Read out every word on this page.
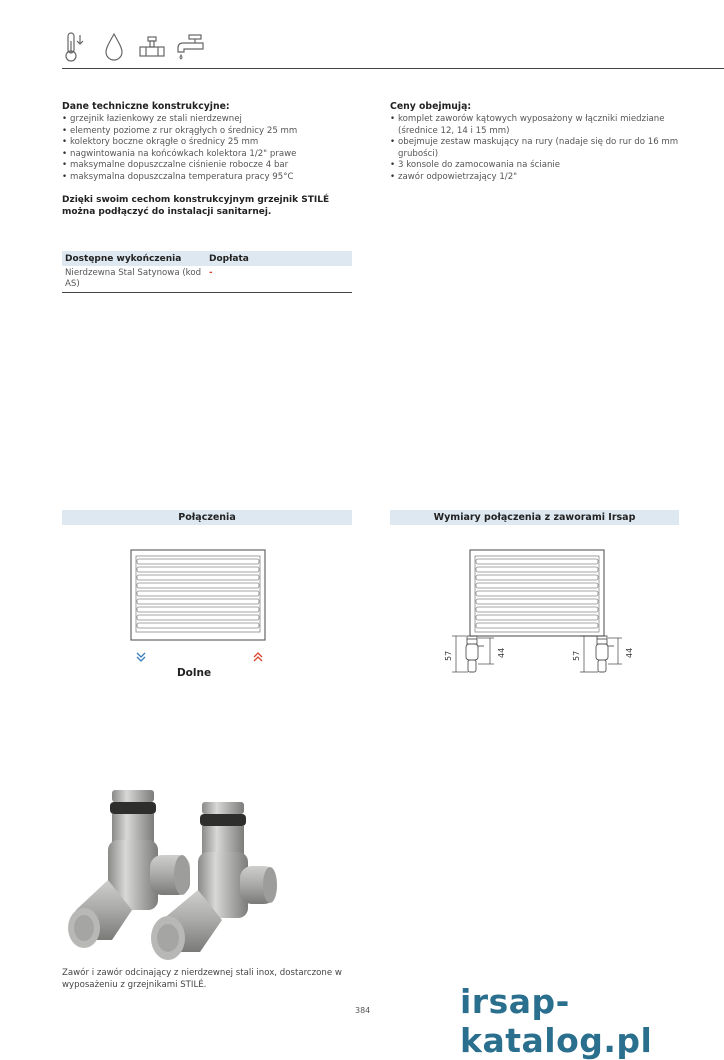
Dane techniczne konstrukcyjne:
• grzejnik łazienkowy ze stali nierdzewnej
• elementy poziome z rur okrągłych o średnicy 25 mm
• kolektory boczne okrągłe o średnicy 25 mm
• nagwintowania na końcówkach kolektora 1/2" prawe
• maksymalne dopuszczalne ciśnienie robocze 4 bar
• maksymalna dopuszczalna temperatura pracy 95°C
Dzięki swoim cechom konstrukcyjnym grzejnik STILÉ można podłączyć do instalacji sanitarnej.
Ceny obejmują:
• komplet zaworów kątowych wyposażony w łączniki miedziane (średnice 12, 14 i 15 mm)
• obejmuje zestaw maskujący na rury (nadaje się do rur do 16 mm grubości)
• 3 konsole do zamocowania na ścianie
• zawór odpowietrzający 1/2"
Dostępne wykończenia	Dopłata
Nierdzewna Stal Satynowa (kod AS)	-
Połączenia	Wymiary połączenia z zaworami Irsap
Dolne
57	44	57	44
Zawór i zawór odcinający z nierdzewnej stali inox, dostarczone w wyposażeniu z grzejnikami STILÉ.
384	irsap-katalog.pl
